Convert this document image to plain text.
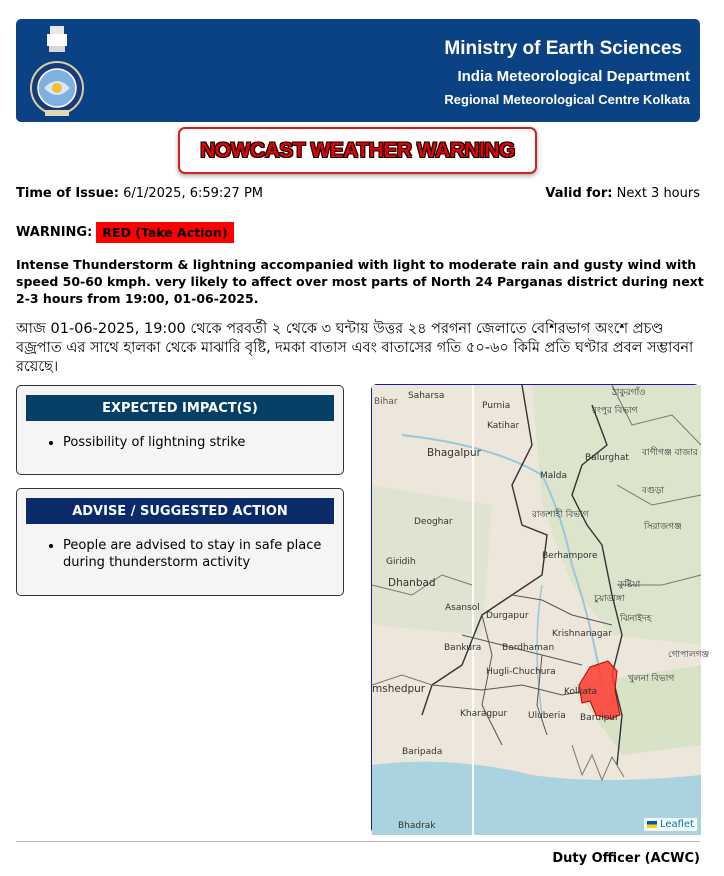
Ministry of Earth Sciences
India Meteorological Department
Regional Meteorological Centre Kolkata
NOWCAST WEATHER WARNING
Time of Issue: 6/1/2025, 6:59:27 PM	Valid for: Next 3 hours
WARNING: RED (Take Action)
Intense Thunderstorm & lightning accompanied with light to moderate rain and gusty wind with speed 50-60 kmph. very likely to affect over most parts of North 24 Parganas district during next 2-3 hours from 19:00, 01-06-2025.
আজ 01-06-2025, 19:00 থেকে পরবর্তী ২ থেকে ৩ ঘন্টায় উত্তর ২৪ পরগনা জেলাতে বেশিরভাগ অংশে প্রচণ্ড বজ্রপাত এর সাথে হালকা থেকে মাঝারি বৃষ্টি, দমকা বাতাস এবং বাতাসের গতি ৫০-৬০ কিমি প্রতি ঘণ্টার প্রবল সম্ভাবনা রয়েছে।
EXPECTED IMPACT(S)
• Possibility of lightning strike
ADVISE / SUGGESTED ACTION
• People are advised to stay in safe place during thunderstorm activity
Bihar
Saharsa
Purnia
ঠাকুরগাঁও
রংপুর বিভাগ
Katihar
Bhagalpur	Balurghat বাগীগঞ্জ বাজার
Malda
বগুড়া
রাজশাহী বিভাগ
সিরাজগঞ্জ
Deoghar
Berhampore
Giridih
Dhanbad
Asansol
কুষ্টিয়া
চুয়াডাঙ্গা
Durgapur
Krishnanagar
ঝিনাইদহ
Bankura Bardhaman
Hugli-Chuchura
গোপালগঞ্জ
খুলনা বিভাগ
Kolkata
mshedpur
Kharagpur Uluberia Baruipur
Baripada
Bhadrak	Leaflet
Duty Officer (ACWC)
